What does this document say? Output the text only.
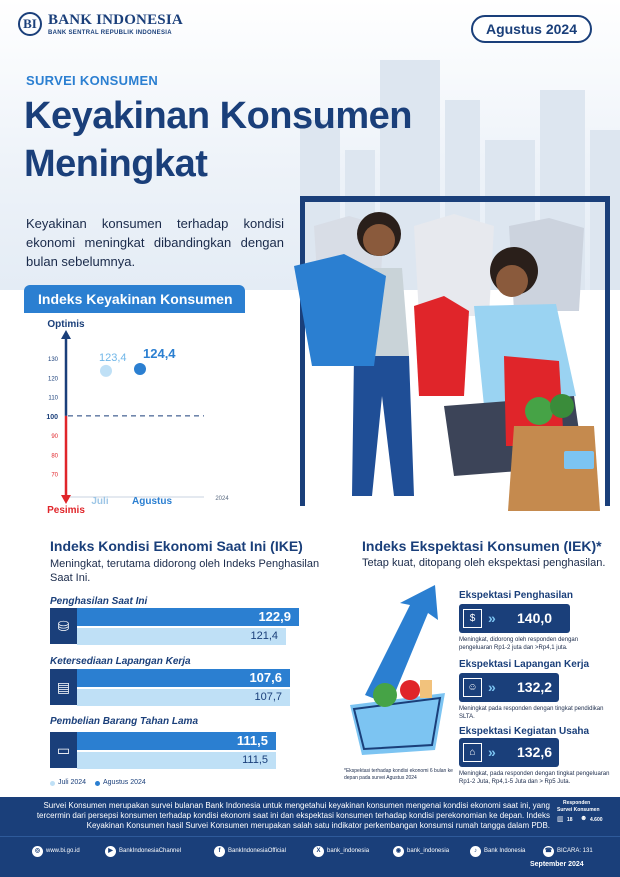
BI BANK INDONESIA
BANK SENTRAL REPUBLIK INDONESIA	Agustus 2024
SURVEI KONSUMEN
Keyakinan Konsumen
Meningkat
Keyakinan konsumen terhadap kondisi ekonomi meningkat dibandingkan dengan bulan sebelumnya.
Indeks Keyakinan Konsumen
Optimis
Pesimis
70
80
90
100
110
120
130
2024
123,4
Juli
124,4
Agustus
Indeks Kondisi Ekonomi Saat Ini (IKE)
Meningkat, terutama didorong oleh Indeks Penghasilan Saat Ini.
Penghasilan Saat Ini
⛁
122,9
121,4
Ketersediaan Lapangan Kerja
▤
107,6
107,7
Pembelian Barang Tahan Lama
▭
111,5
111,5
Juli 2024 Agustus 2024
Indeks Ekspektasi Konsumen (IEK)*
Tetap kuat, ditopang oleh ekspektasi penghasilan.
Ekspektasi Penghasilan
$ » 140,0
Meningkat, didorong oleh responden dengan pengeluaran Rp1-2 juta dan >Rp4,1 juta.
Ekspektasi Lapangan Kerja
☺ » 132,2
Meningkat pada responden dengan tingkat pendidikan SLTA.
Ekspektasi Kegiatan Usaha
⌂ » 132,6
Meningkat, pada responden dengan tingkat pengeluaran Rp1-2 Juta, Rp4,1-5 Juta dan > Rp5 Juta.
*Ekspektasi terhadap kondisi ekonomi 6 bulan ke depan pada survei Agustus 2024
Survei Konsumen merupakan survei bulanan Bank Indonesia untuk mengetahui keyakinan konsumen mengenai kondisi ekonomi saat ini, yang tercermin dari persepsi konsumen terhadap kondisi ekonomi saat ini dan ekspektasi konsumen terhadap kondisi perekonomian ke depan. Indeks Keyakinan Konsumen hasil Survei Konsumen merupakan salah satu indikator perkembangan konsumsi rumah tangga dalam PDB.
Responden
Survei Konsumen
▥ 18 ☻ 4.600
◎ www.bi.go.id	▶	BankIndonesiaChannel	f	BankIndonesiaOfficial	X	bank_indonesia	◉ bank_indonesia	♪	Bank Indonesia	☎ BICARA: 131
September 2024
